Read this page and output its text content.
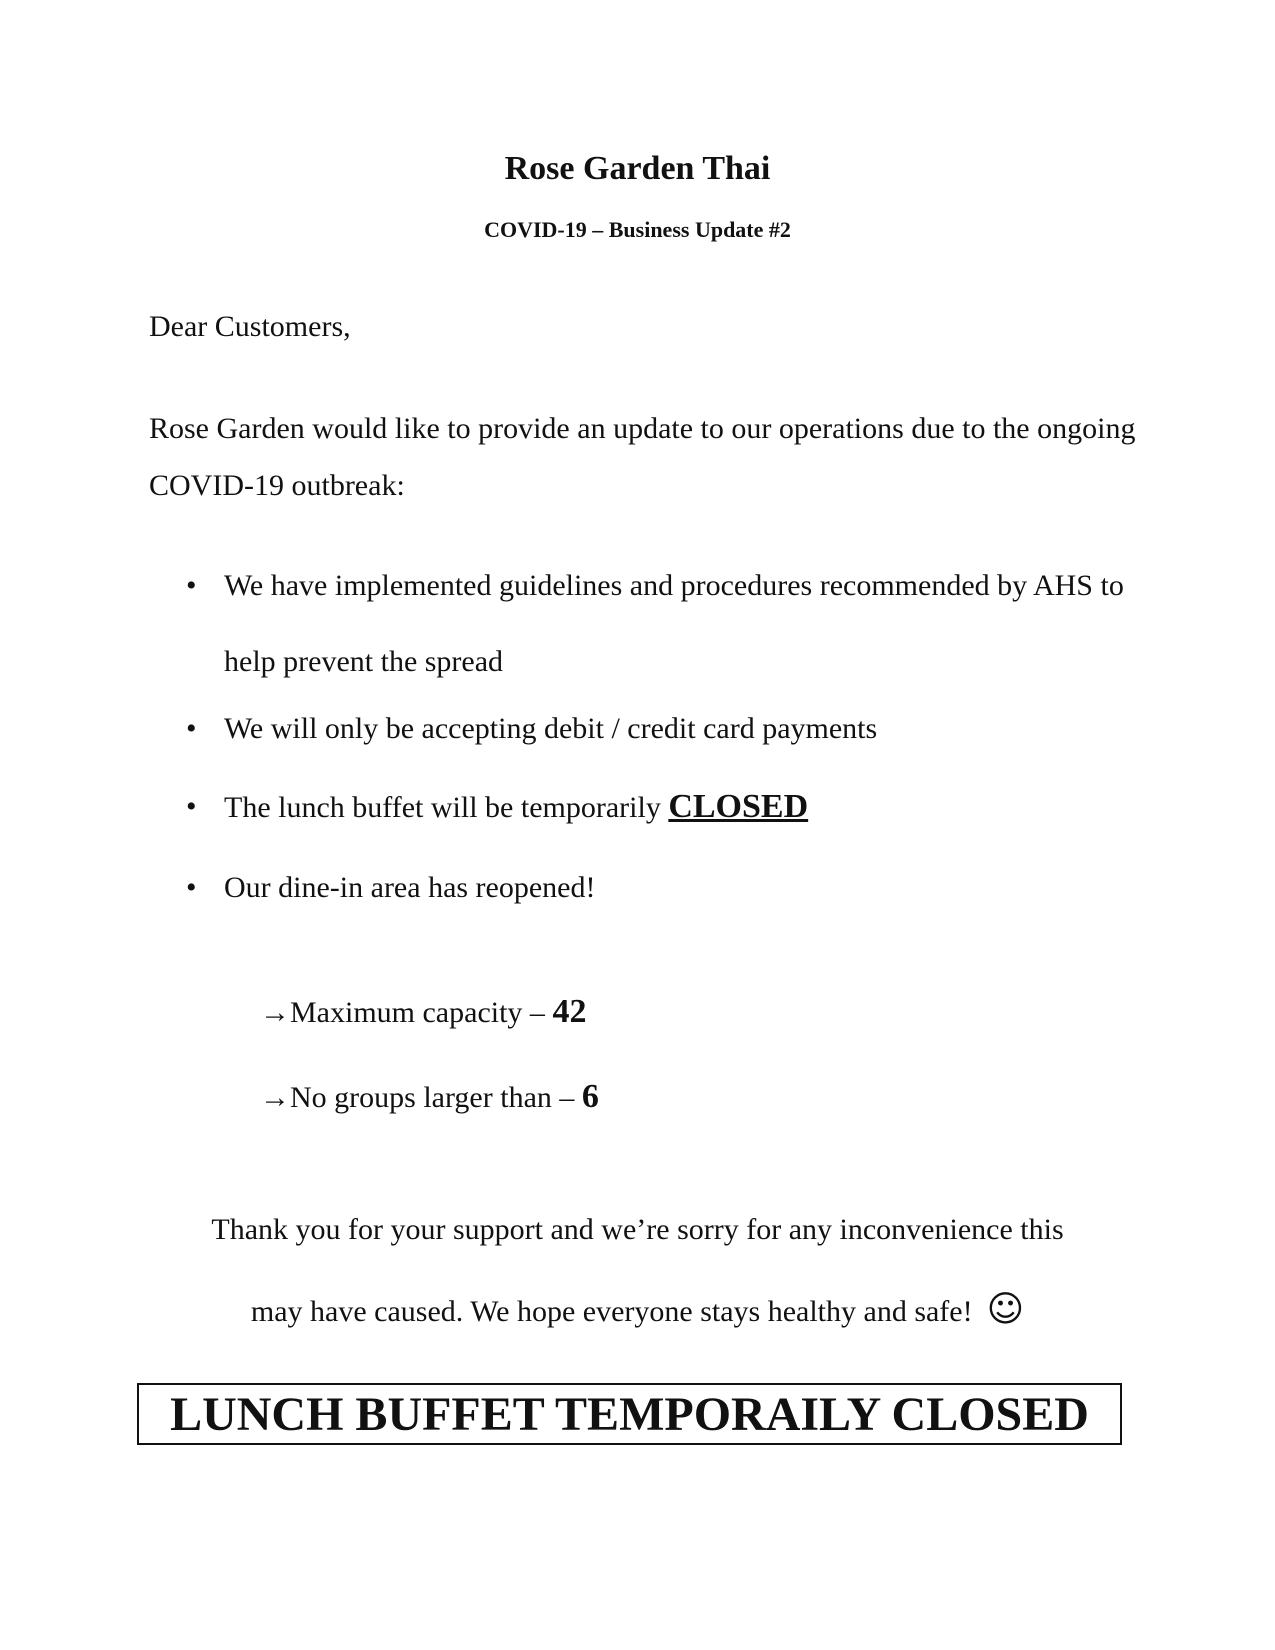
Rose Garden Thai

COVID-19 – Business Update #2

Dear Customers,

Rose Garden would like to provide an update to our operations due to the ongoing COVID-19 outbreak:

• We have implemented guidelines and procedures recommended by AHS to help prevent the spread
• We will only be accepting debit / credit card payments
• The lunch buffet will be temporarily CLOSED
• Our dine-in area has reopened!

→Maximum capacity – 42

→No groups larger than – 6

Thank you for your support and we’re sorry for any inconvenience this
may have caused. We hope everyone stays healthy and safe! ☺
LUNCH BUFFET TEMPORAILY CLOSED
